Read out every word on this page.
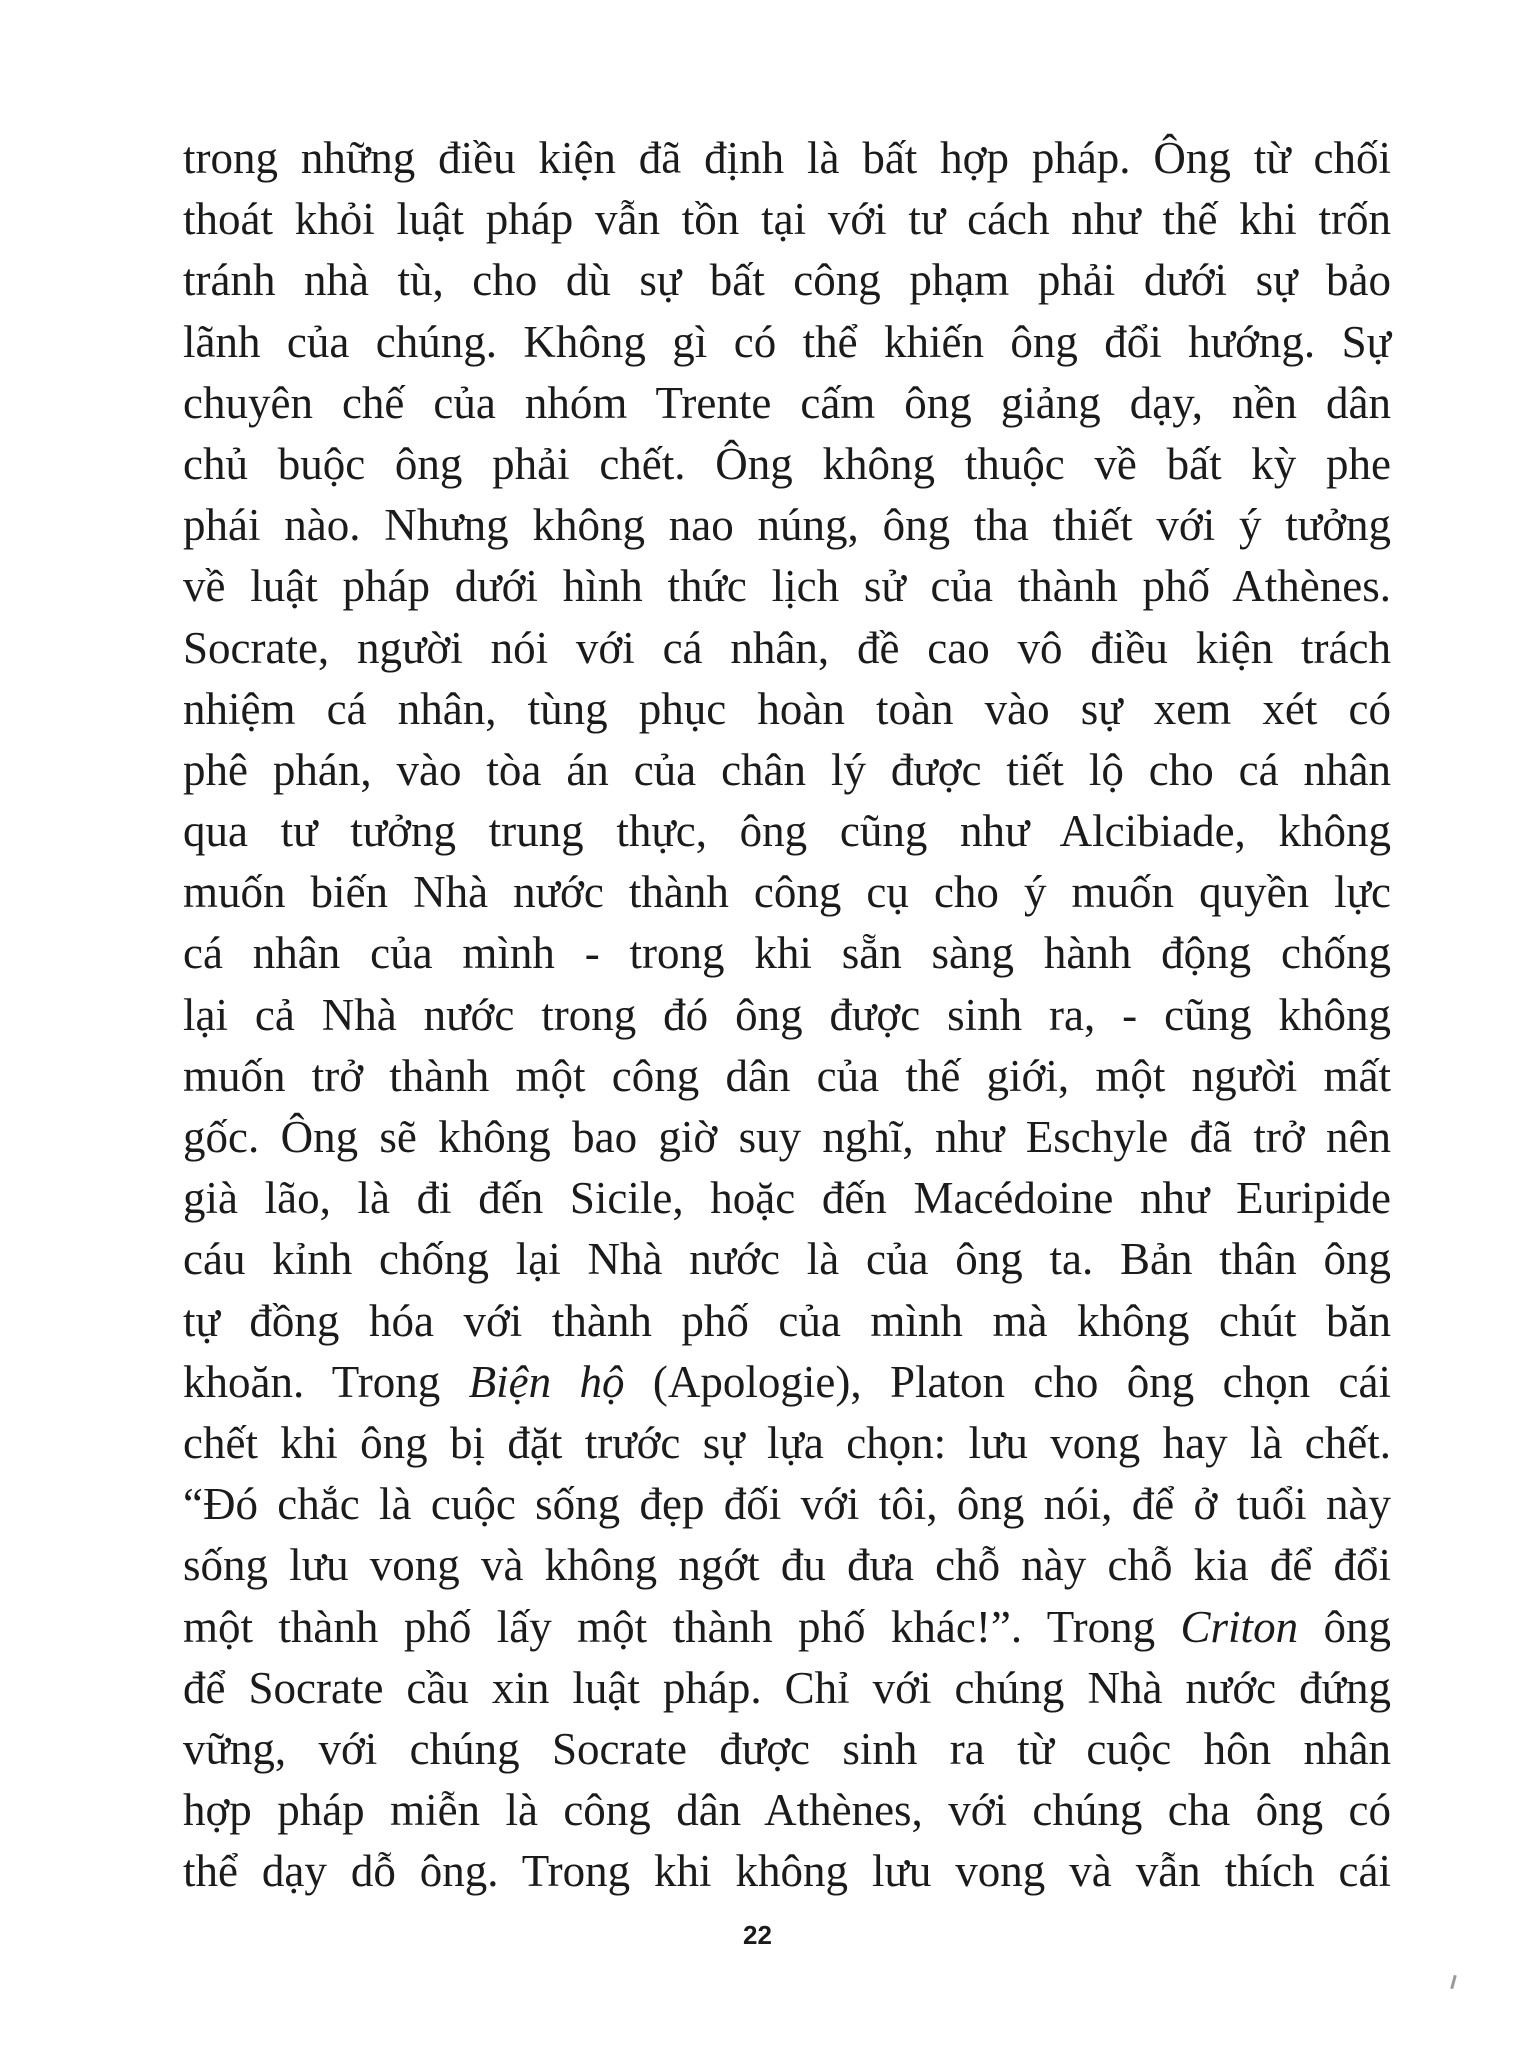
trong những điều kiện đã định là bất hợp pháp. Ông từ chối
thoát khỏi luật pháp vẫn tồn tại với tư cách như thế khi trốn
tránh nhà tù, cho dù sự bất công phạm phải dưới sự bảo
lãnh của chúng. Không gì có thể khiến ông đổi hướng. Sự
chuyên chế của nhóm Trente cấm ông giảng dạy, nền dân
chủ buộc ông phải chết. Ông không thuộc về bất kỳ phe
phái nào. Nhưng không nao núng, ông tha thiết với ý tưởng
về luật pháp dưới hình thức lịch sử của thành phố Athènes.
Socrate, người nói với cá nhân, đề cao vô điều kiện trách
nhiệm cá nhân, tùng phục hoàn toàn vào sự xem xét có
phê phán, vào tòa án của chân lý được tiết lộ cho cá nhân
qua tư tưởng trung thực, ông cũng như Alcibiade, không
muốn biến Nhà nước thành công cụ cho ý muốn quyền lực
cá nhân của mình - trong khi sẵn sàng hành động chống
lại cả Nhà nước trong đó ông được sinh ra, - cũng không
muốn trở thành một công dân của thế giới, một người mất
gốc. Ông sẽ không bao giờ suy nghĩ, như Eschyle đã trở nên
già lão, là đi đến Sicile, hoặc đến Macédoine như Euripide
cáu kỉnh chống lại Nhà nước là của ông ta. Bản thân ông
tự đồng hóa với thành phố của mình mà không chút băn
khoăn. Trong Biện hộ (Apologie), Platon cho ông chọn cái
chết khi ông bị đặt trước sự lựa chọn: lưu vong hay là chết.
“Đó chắc là cuộc sống đẹp đối với tôi, ông nói, để ở tuổi này
sống lưu vong và không ngớt đu đưa chỗ này chỗ kia để đổi
một thành phố lấy một thành phố khác!”. Trong Criton ông
để Socrate cầu xin luật pháp. Chỉ với chúng Nhà nước đứng
vững, với chúng Socrate được sinh ra từ cuộc hôn nhân
hợp pháp miễn là công dân Athènes, với chúng cha ông có
thể dạy dỗ ông. Trong khi không lưu vong và vẫn thích cái
22
